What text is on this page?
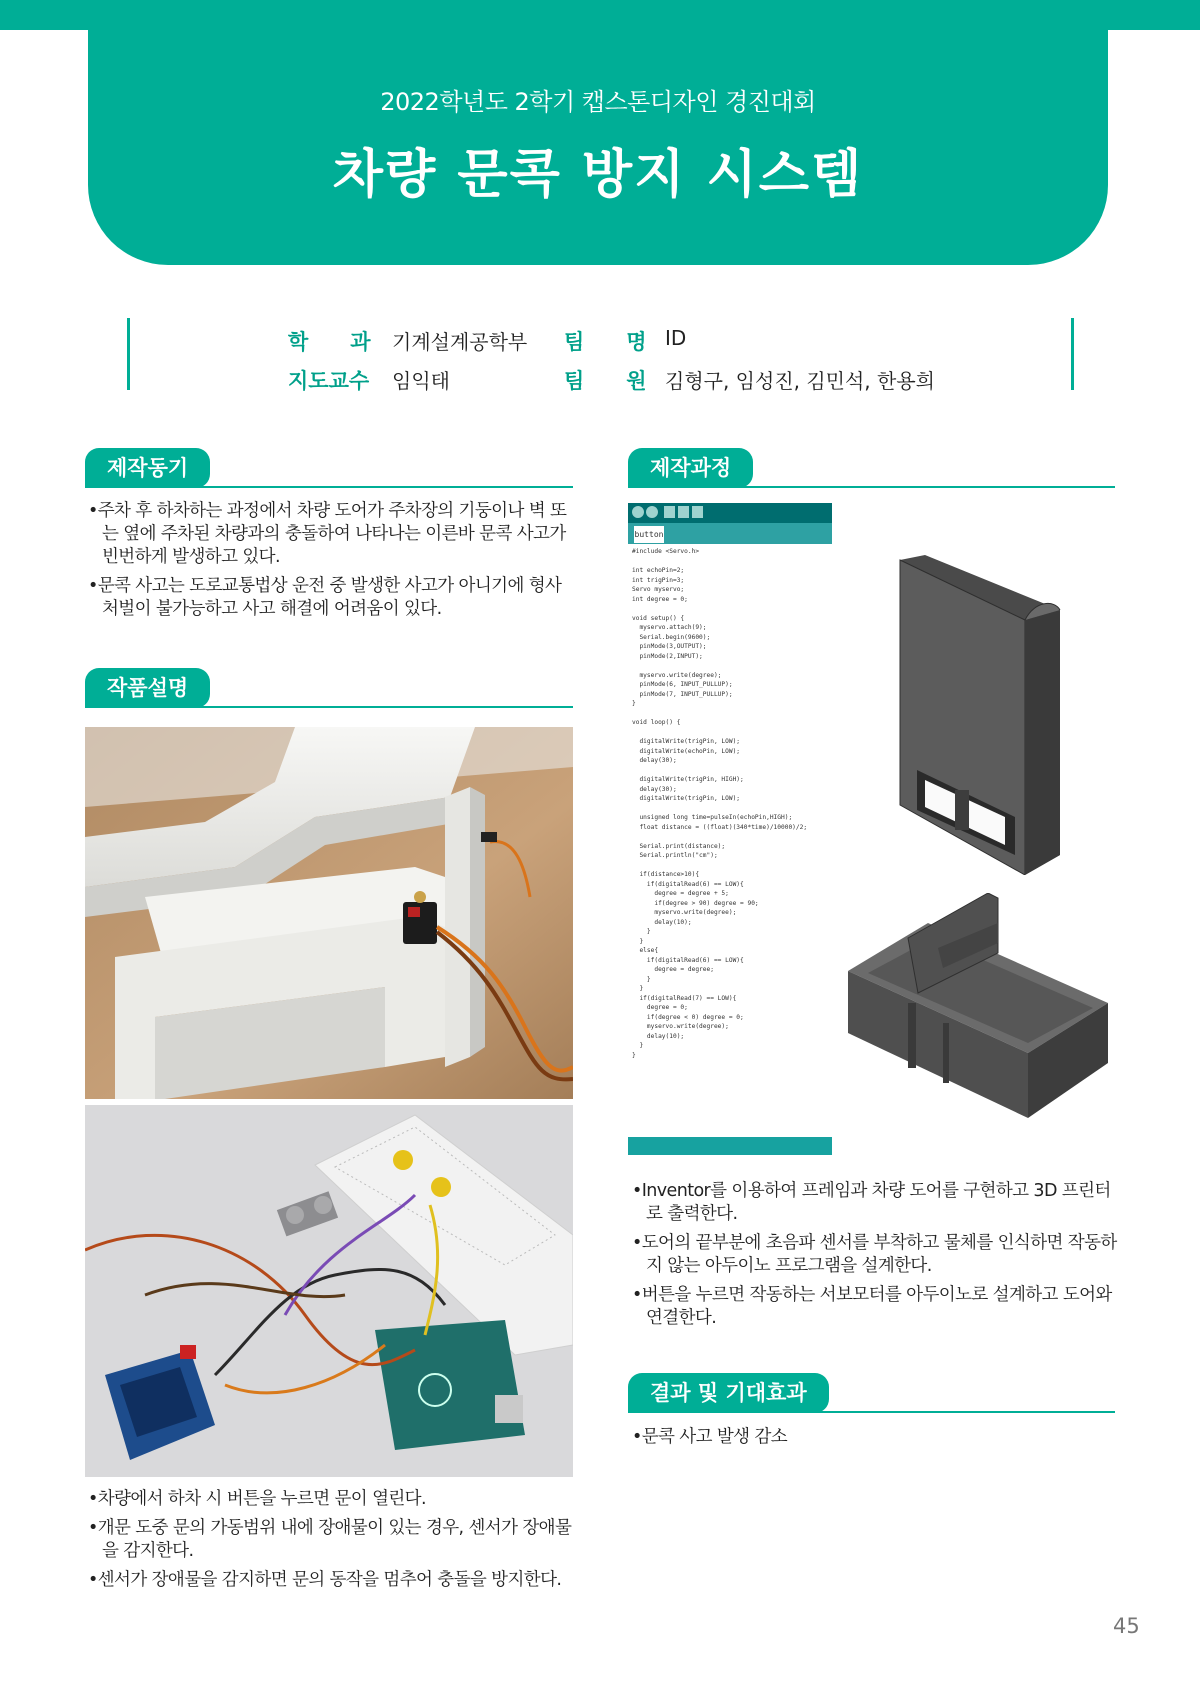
2022학년도 2학기 캡스톤디자인 경진대회
차량 문콕 방지 시스템
학　　과 기계설계공학부 팀　　명 ID
지도교수 임익태	팀　　원 김형구, 임성진, 김민석, 한용희
제작동기

•주차 후 하차하는 과정에서 차량 도어가 주차장의 기둥이나 벽 또는 옆에 주차된 차량과의 충돌하여 나타나는 이른바 문콕 사고가 빈번하게 발생하고 있다.

•문콕 사고는 도로교통법상 운전 중 발생한 사고가 아니기에 형사 처벌이 불가능하고 사고 해결에 어려움이 있다.

작품설명

•차량에서 하차 시 버튼을 누르면 문이 열린다.

•개문 도중 문의 가동범위 내에 장애물이 있는 경우, 센서가 장애물을 감지한다.

•센서가 장애물을 감지하면 문의 동작을 멈추어 충돌을 방지한다.

제작과정
button
#include <Servo.h>

int echoPin=2;
int trigPin=3;
Servo myservo;
int degree = 0;

void setup() {
myservo.attach(9);
Serial.begin(9600);
pinMode(3,OUTPUT);
pinMode(2,INPUT);

myservo.write(degree);
pinMode(6, INPUT_PULLUP);
pinMode(7, INPUT_PULLUP);
}

void loop() {

digitalWrite(trigPin, LOW);
digitalWrite(echoPin, LOW);
delay(30);

digitalWrite(trigPin, HIGH);
delay(30);
digitalWrite(trigPin, LOW);

unsigned long time=pulseIn(echoPin,HIGH);
float distance = ((float)(340*time)/10000)/2;

Serial.print(distance);
Serial.println("cm");

if(distance>10){
if(digitalRead(6) == LOW){
degree = degree + 5;
if(degree > 90) degree = 90;
myservo.write(degree);
delay(10);
}
}
else{
if(digitalRead(6) == LOW){
degree = degree;
}
}
if(digitalRead(7) == LOW){
degree = 0;
if(degree < 0) degree = 0;
myservo.write(degree);
delay(10);
}
}

•Inventor를 이용하여 프레임과 차량 도어를 구현하고 3D 프린터로 출력한다.

•도어의 끝부분에 초음파 센서를 부착하고 물체를 인식하면 작동하지 않는 아두이노 프로그램을 설계한다.

•버튼을 누르면 작동하는 서보모터를 아두이노로 설계하고 도어와 연결한다.

결과 및 기대효과

•문콕 사고 발생 감소

45
